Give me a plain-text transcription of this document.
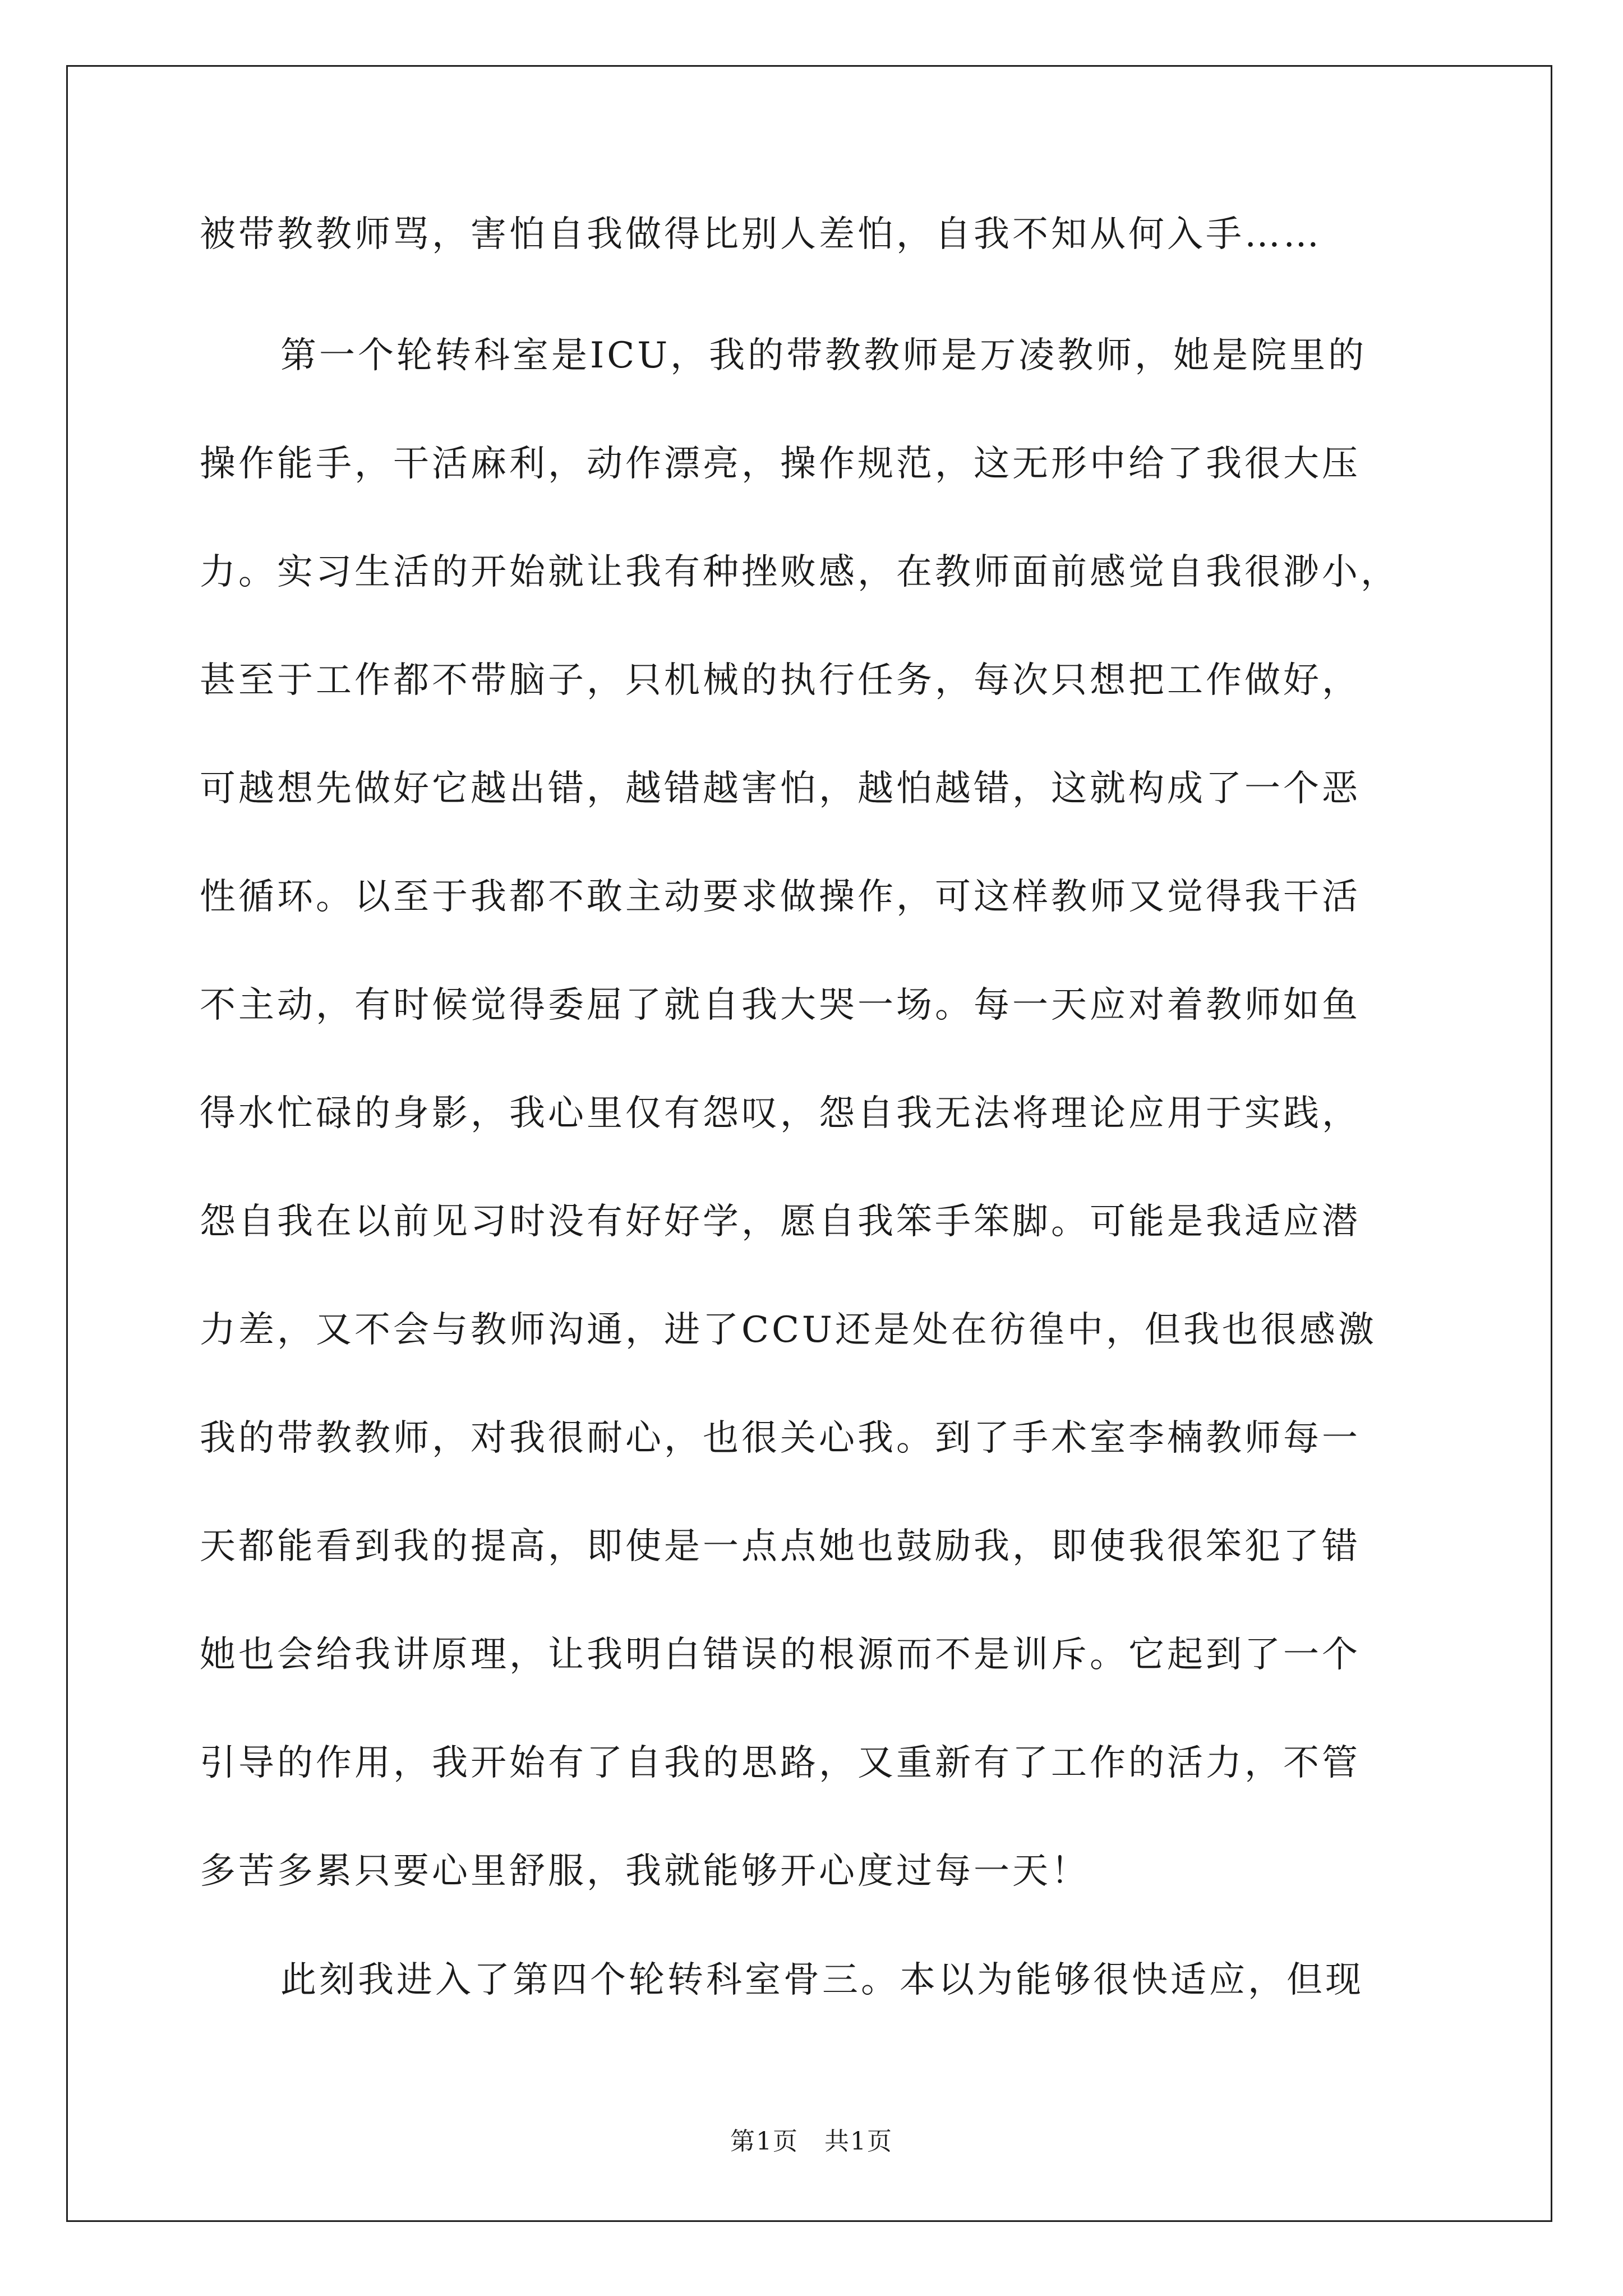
被带教教师骂，害怕自我做得比别人差怕，自我不知从何入手……
第一个轮转科室是ICU，我的带教教师是万凌教师，她是院里的
操作能手，干活麻利，动作漂亮，操作规范，这无形中给了我很大压
力。实习生活的开始就让我有种挫败感，在教师面前感觉自我很渺小，
甚至于工作都不带脑子，只机械的执行任务，每次只想把工作做好，
可越想先做好它越出错，越错越害怕，越怕越错，这就构成了一个恶
性循环。以至于我都不敢主动要求做操作，可这样教师又觉得我干活
不主动，有时候觉得委屈了就自我大哭一场。每一天应对着教师如鱼
得水忙碌的身影，我心里仅有怨叹，怨自我无法将理论应用于实践，
怨自我在以前见习时没有好好学，愿自我笨手笨脚。可能是我适应潜
力差，又不会与教师沟通，进了CCU还是处在彷徨中，但我也很感激
我的带教教师，对我很耐心，也很关心我。到了手术室李楠教师每一
天都能看到我的提高，即使是一点点她也鼓励我，即使我很笨犯了错
她也会给我讲原理，让我明白错误的根源而不是训斥。它起到了一个
引导的作用，我开始有了自我的思路，又重新有了工作的活力，不管
多苦多累只要心里舒服，我就能够开心度过每一天！
此刻我进入了第四个轮转科室骨三。本以为能够很快适应，但现
第1页　共1页
